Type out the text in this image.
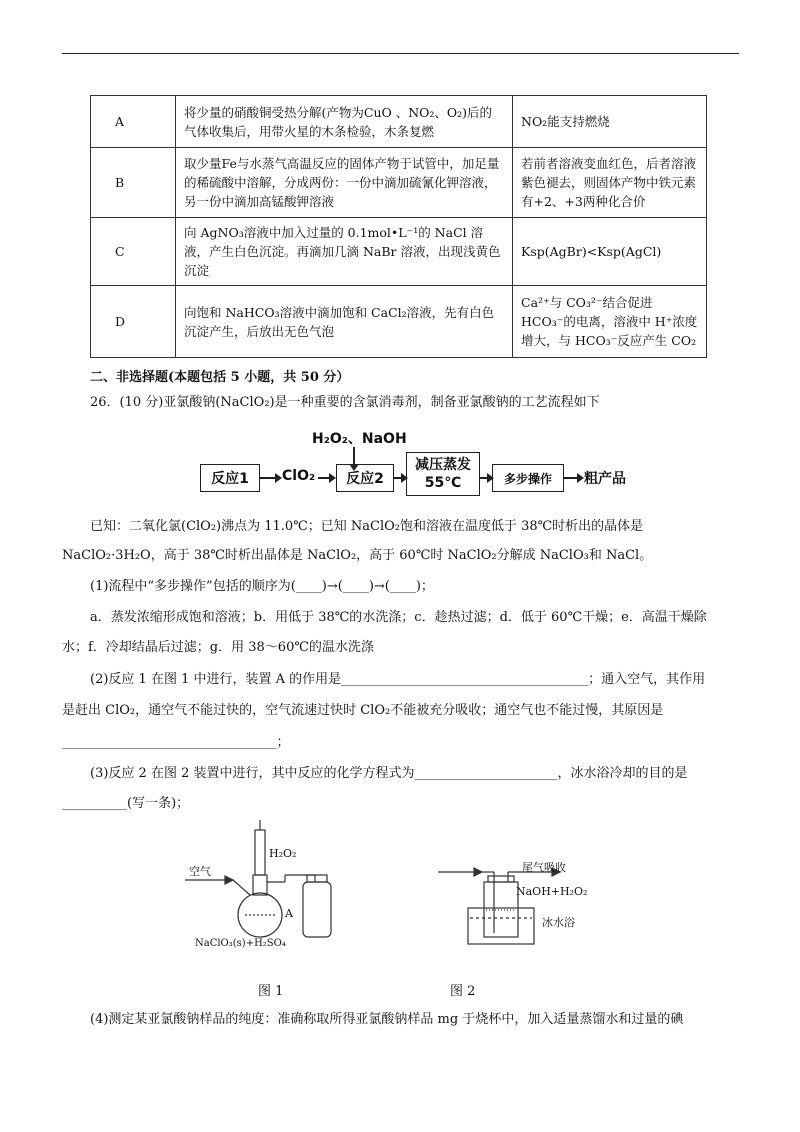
A	将少量的硝酸铜受热分解(产物为CuO 、NO₂、O₂)后的气体收集后，用带火星的木条检验，木条复燃	NO₂能支持燃烧
B	取少量Fe与水蒸气高温反应的固体产物于试管中，加足量的稀硫酸中溶解，分成两份：一份中滴加硫氰化钾溶液，另一份中滴加高锰酸钾溶液	若前者溶液变血红色，后者溶液紫色褪去，则固体产物中铁元素有+2、+3两种化合价
C	向 AgNO₃溶液中加入过量的 0.1mol•L⁻¹的 NaCl 溶液，产生白色沉淀。再滴加几滴 NaBr 溶液，出现浅黄色沉淀	Ksp(AgBr)<Ksp(AgCl)
D	向饱和 NaHCO₃溶液中滴加饱和 CaCl₂溶液，先有白色沉淀产生，后放出无色气泡	Ca²⁺与 CO₃²⁻结合促进 HCO₃⁻的电离，溶液中 H⁺浓度增大，与 HCO₃⁻反应产生 CO₂
二、非选择题(本题包括 5 小题，共 50 分）
26．(10 分)亚氯酸钠(NaClO₂)是一种重要的含氯消毒剂，制备亚氯酸钠的工艺流程如下
H₂O₂、NaOH
反应1	ClO₂	反应2
减压蒸发
55℃	多步操作	粗产品
已知：二氧化氯(ClO₂)沸点为 11.0℃；已知 NaClO₂饱和溶液在温度低于 38℃时析出的晶体是
NaClO₂·3H₂O，高于 38℃时析出晶体是 NaClO₂，高于 60℃时 NaClO₂分解成 NaClO₃和 NaCl。
(1)流程中“多步操作”包括的顺序为(____)→(____)→(____)；
a．蒸发浓缩形成饱和溶液；b．用低于 38℃的水洗涤；c．趁热过滤；d．低于 60℃干燥；e．高温干燥除
水；f．冷却结晶后过滤；g．用 38～60℃的温水洗涤
(2)反应 1 在图 1 中进行，装置 A 的作用是______________________________________；通入空气，其作用
是赶出 ClO₂，通空气不能过快的，空气流速过快时 ClO₂不能被充分吸收；通空气也不能过慢，其原因是
_________________________________；
(3)反应 2 在图 2 装置中进行，其中反应的化学方程式为______________________，冰水浴冷却的目的是
__________(写一条)；
空气
H₂O₂
A
NaClO₃(s)+H₂SO₄
图 1
尾气吸收
NaOH+H₂O₂
冰水浴
图 2
(4)测定某亚氯酸钠样品的纯度：准确称取所得亚氯酸钠样品 mg 于烧杯中，加入适量蒸馏水和过量的碘
